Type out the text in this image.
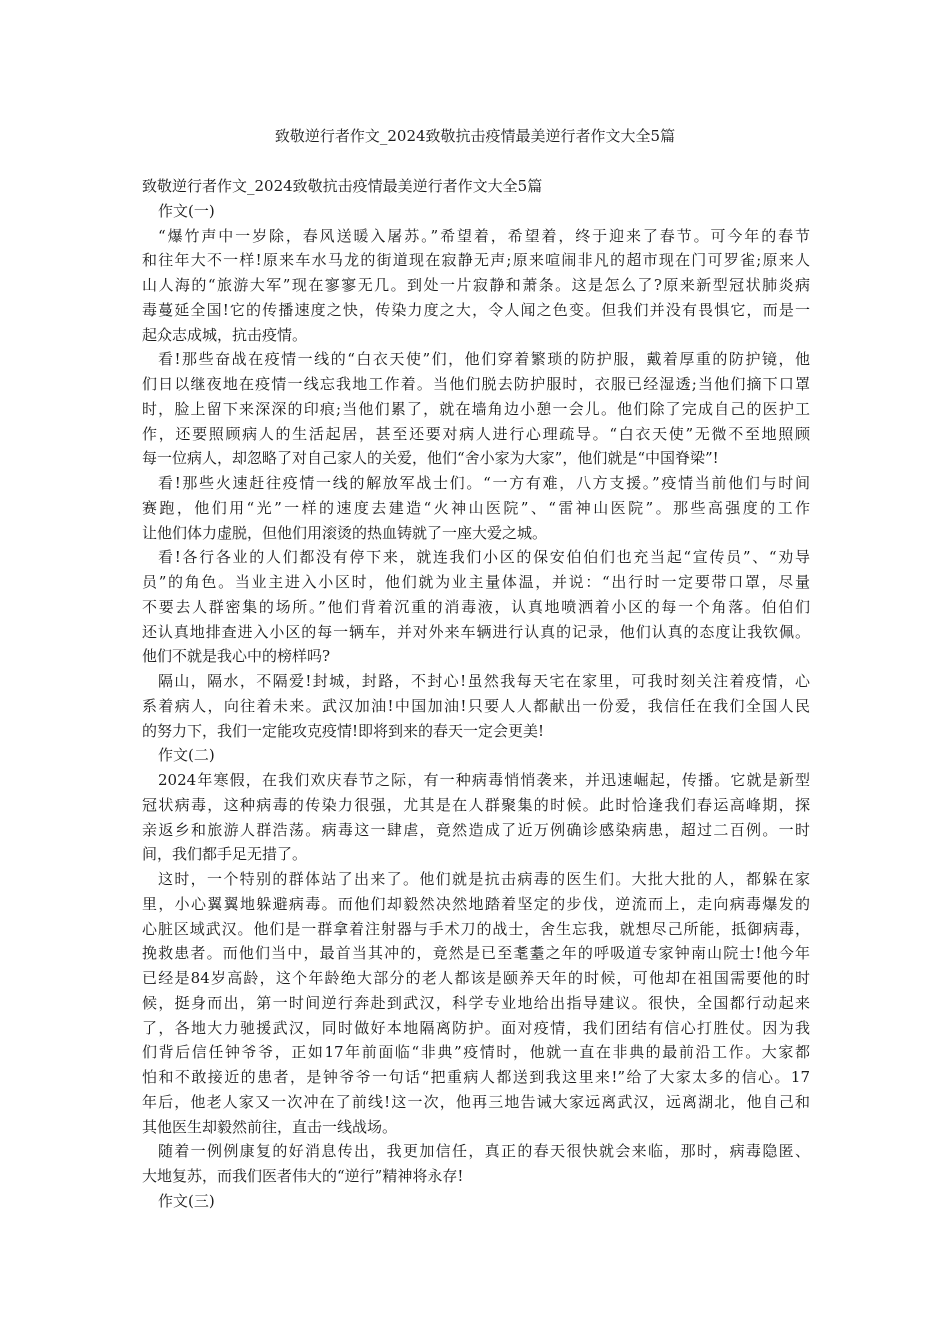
致敬逆行者作文_2024致敬抗击疫情最美逆行者作文大全5篇
致敬逆行者作文_2024致敬抗击疫情最美逆行者作文大全5篇
作文(一)
“爆竹声中一岁除，春风送暖入屠苏。”希望着，希望着，终于迎来了春节。可今年的春节
和往年大不一样!原来车水马龙的街道现在寂静无声;原来喧闹非凡的超市现在门可罗雀;原来人
山人海的“旅游大军”现在寥寥无几。到处一片寂静和萧条。这是怎么了?原来新型冠状肺炎病
毒蔓延全国!它的传播速度之快，传染力度之大，令人闻之色变。但我们并没有畏惧它，而是一
起众志成城，抗击疫情。
看!那些奋战在疫情一线的“白衣天使”们，他们穿着繁琐的防护服，戴着厚重的防护镜，他
们日以继夜地在疫情一线忘我地工作着。当他们脱去防护服时，衣服已经湿透;当他们摘下口罩
时，脸上留下来深深的印痕;当他们累了，就在墙角边小憩一会儿。他们除了完成自己的医护工
作，还要照顾病人的生活起居，甚至还要对病人进行心理疏导。“白衣天使”无微不至地照顾
每一位病人，却忽略了对自己家人的关爱，他们“舍小家为大家”，他们就是“中国脊梁”!
看!那些火速赶往疫情一线的解放军战士们。“一方有难，八方支援。”疫情当前他们与时间
赛跑，他们用“光”一样的速度去建造“火神山医院”、“雷神山医院”。那些高强度的工作
让他们体力虚脱，但他们用滚烫的热血铸就了一座大爱之城。
看!各行各业的人们都没有停下来，就连我们小区的保安伯伯们也充当起“宣传员”、“劝导
员”的角色。当业主进入小区时，他们就为业主量体温，并说：“出行时一定要带口罩，尽量
不要去人群密集的场所。”他们背着沉重的消毒液，认真地喷洒着小区的每一个角落。伯伯们
还认真地排查进入小区的每一辆车，并对外来车辆进行认真的记录，他们认真的态度让我钦佩。
他们不就是我心中的榜样吗?
隔山，隔水，不隔爱!封城，封路，不封心!虽然我每天宅在家里，可我时刻关注着疫情，心
系着病人，向往着未来。武汉加油!中国加油!只要人人都献出一份爱，我信任在我们全国人民
的努力下，我们一定能攻克疫情!即将到来的春天一定会更美!
作文(二)
2024年寒假，在我们欢庆春节之际，有一种病毒悄悄袭来，并迅速崛起，传播。它就是新型
冠状病毒，这种病毒的传染力很强，尤其是在人群聚集的时候。此时恰逢我们春运高峰期，探
亲返乡和旅游人群浩荡。病毒这一肆虐，竟然造成了近万例确诊感染病患，超过二百例。一时
间，我们都手足无措了。
这时，一个特别的群体站了出来了。他们就是抗击病毒的医生们。大批大批的人，都躲在家
里，小心翼翼地躲避病毒。而他们却毅然决然地踏着坚定的步伐，逆流而上，走向病毒爆发的
心脏区域武汉。他们是一群拿着注射器与手术刀的战士，舍生忘我，就想尽己所能，抵御病毒，
挽救患者。而他们当中，最首当其冲的，竟然是已至耄耋之年的呼吸道专家钟南山院士!他今年
已经是84岁高龄，这个年龄绝大部分的老人都该是颐养天年的时候，可他却在祖国需要他的时
候，挺身而出，第一时间逆行奔赴到武汉，科学专业地给出指导建议。很快，全国都行动起来
了，各地大力驰援武汉，同时做好本地隔离防护。面对疫情，我们团结有信心打胜仗。因为我
们背后信任钟爷爷，正如17年前面临“非典”疫情时，他就一直在非典的最前沿工作。大家都
怕和不敢接近的患者，是钟爷爷一句话“把重病人都送到我这里来!”给了大家太多的信心。17
年后，他老人家又一次冲在了前线!这一次，他再三地告诫大家远离武汉，远离湖北，他自己和
其他医生却毅然前往，直击一线战场。
随着一例例康复的好消息传出，我更加信任，真正的春天很快就会来临，那时，病毒隐匿、
大地复苏，而我们医者伟大的“逆行”精神将永存!
作文(三)
